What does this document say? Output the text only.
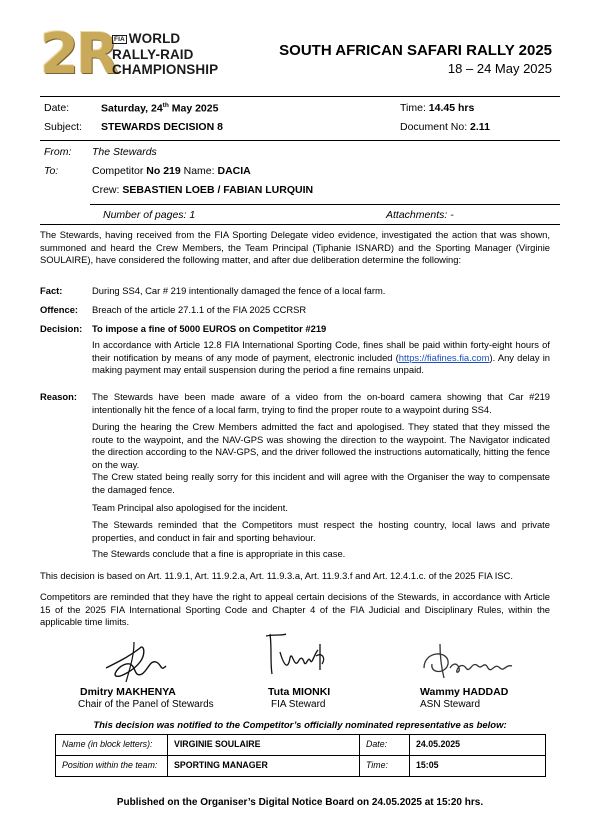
2R
FIA WORLD
RALLY-RAID
CHAMPIONSHIP
SOUTH AFRICAN SAFARI RALLY 2025
18 – 24 May 2025
Date:	Saturday, 24th May 2025	Time: 14.45 hrs
Subject: STEWARDS DECISION 8	Document No: 2.11
From: The Stewards
To:	Competitor No 219 Name: DACIA
Crew: SEBASTIEN LOEB / FABIAN LURQUIN
Number of pages: 1	Attachments: -
The Stewards, having received from the FIA Sporting Delegate video evidence, investigated the action that was shown, summoned and heard the Crew Members, the Team Principal (Tiphanie ISNARD) and the Sporting Manager (Virginie SOULAIRE), have considered the following matter, and after due deliberation determine the following:
Fact:	During SS4, Car # 219 intentionally damaged the fence of a local farm.
Offence: Breach of the article 27.1.1 of the FIA 2025 CCRSR
Decision: To impose a fine of 5000 EUROS on Competitor #219
In accordance with Article 12.8 FIA International Sporting Code, fines shall be paid within forty-eight hours of their notification by means of any mode of payment, electronic included (https://fiafines.fia.com). Any delay in making payment may entail suspension during the period a fine remains unpaid.
Reason: The Stewards have been made aware of a video from the on-board camera showing that Car #219 intentionally hit the fence of a local farm, trying to find the proper route to a waypoint during SS4.
During the hearing the Crew Members admitted the fact and apologised. They stated that they missed the route to the waypoint, and the NAV-GPS was showing the direction to the waypoint. The Navigator indicated the direction according to the NAV-GPS, and the driver followed the instructions automatically, hitting the fence on the way.
The Crew stated being really sorry for this incident and will agree with the Organiser the way to compensate the damaged fence.
Team Principal also apologised for the incident.
The Stewards reminded that the Competitors must respect the hosting country, local laws and private properties, and conduct in fair and sporting behaviour.
The Stewards conclude that a fine is appropriate in this case.
This decision is based on Art. 11.9.1, Art. 11.9.2.a, Art. 11.9.3.a, Art. 11.9.3.f and Art. 12.4.1.c. of the 2025 FIA ISC.
Competitors are reminded that they have the right to appeal certain decisions of the Stewards, in accordance with Article 15 of the 2025 FIA International Sporting Code and Chapter 4 of the FIA Judicial and Disciplinary Rules, within the applicable time limits.
Dmitry MAKHENYA
Chair of the Panel of Stewards
Tuta MIONKI
FIA Steward
Wammy HADDAD
ASN Steward
This decision was notified to the Competitor’s officially nominated representative as below:
Name (in block letters):	VIRGINIE SOULAIRE	Date:	24.05.2025
Position within the team:	SPORTING MANAGER	Time:	15:05
Published on the Organiser’s Digital Notice Board on 24.05.2025 at 15:20 hrs.
